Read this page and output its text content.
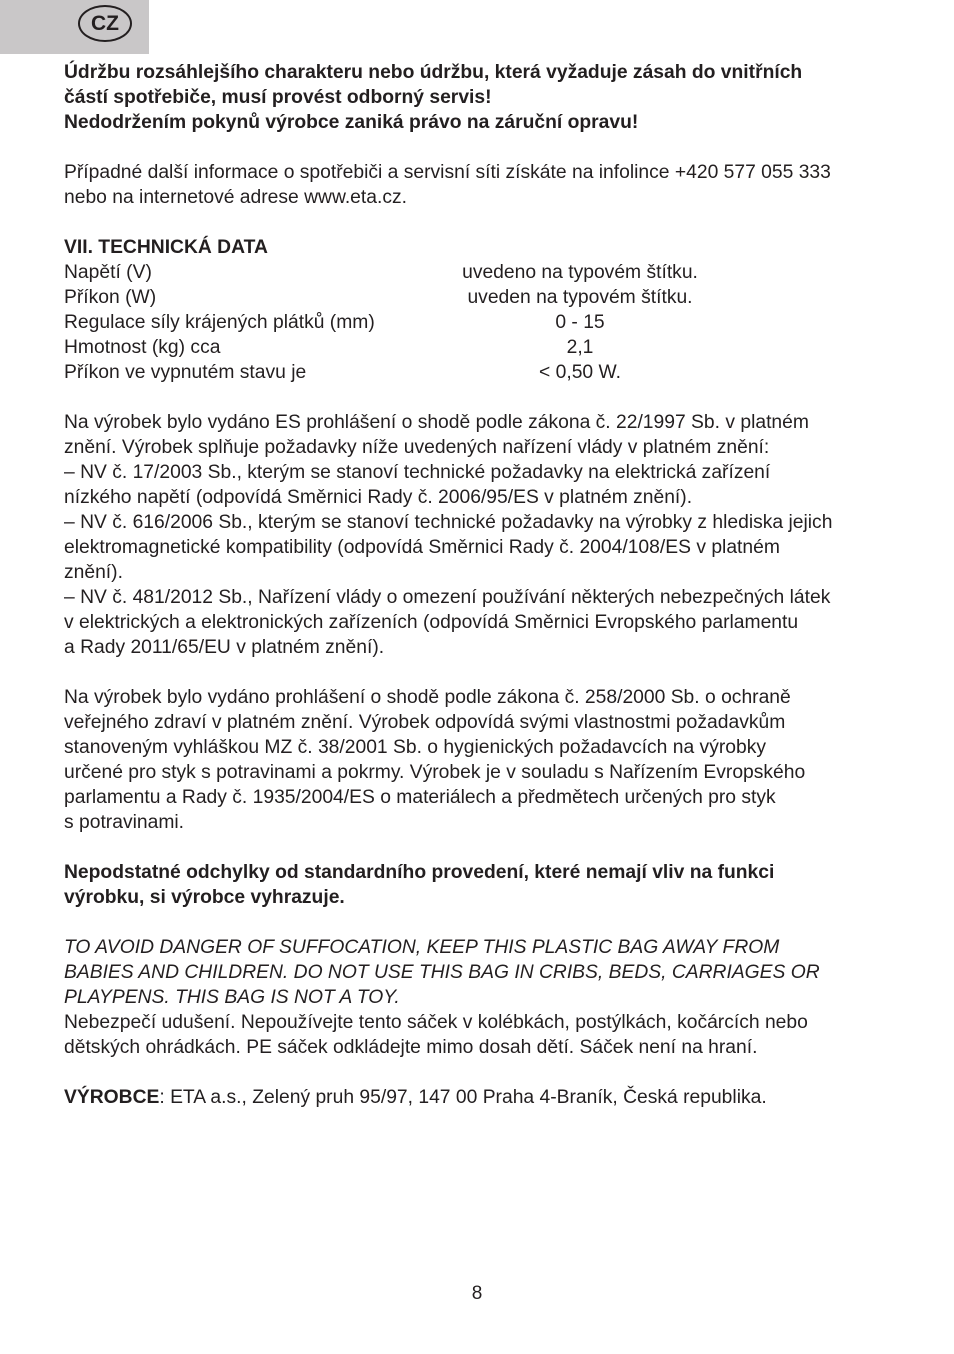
CZ

Údržbu rozsáhlejšího charakteru nebo údržbu, která vyžaduje zásah do vnitřních

částí spotřebiče, musí provést odborný servis!

Nedodržením pokynů výrobce zaniká právo na záruční opravu!

Případné další informace o spotřebiči a servisní síti získáte na infolince +420 577 055 333

nebo na internetové adrese www.eta.cz.

VII. TECHNICKÁ DATA

Napětí (V)	uvedeno na typovém štítku.
Příkon (W)	uveden na typovém štítku.
Regulace síly krájených plátků (mm)	0 - 15
Hmotnost (kg) cca	2,1
Příkon ve vypnutém stavu je	< 0,50 W.

Na výrobek bylo vydáno ES prohlášení o shodě podle zákona č. 22/1997 Sb. v platném

znění. Výrobek splňuje požadavky níže uvedených nařízení vlády v platném znění:

– NV č. 17/2003 Sb., kterým se stanoví technické požadavky na elektrická zařízení
nízkého napětí (odpovídá Směrnici Rady č. 2006/95/ES v platném znění).
– NV č. 616/2006 Sb., kterým se stanoví technické požadavky na výrobky z hlediska jejich
elektromagnetické kompatibility (odpovídá Směrnici Rady č. 2004/108/ES v platném
znění).
– NV č. 481/2012 Sb., Nařízení vlády o omezení používání některých nebezpečných látek
v elektrických a elektronických zařízeních (odpovídá Směrnici Evropského parlamentu
a Rady 2011/65/EU v platném znění).

Na výrobek bylo vydáno prohlášení o shodě podle zákona č. 258/2000 Sb. o ochraně

veřejného zdraví v platném znění. Výrobek odpovídá svými vlastnostmi požadavkům

stanoveným vyhláškou MZ č. 38/2001 Sb. o hygienických požadavcích na výrobky

určené pro styk s potravinami a pokrmy. Výrobek je v souladu s Nařízením Evropského

parlamentu a Rady č. 1935/2004/ES o materiálech a předmětech určených pro styk

s potravinami.

Nepodstatné odchylky od standardního provedení, které nemají vliv na funkci

výrobku, si výrobce vyhrazuje.

TO AVOID DANGER OF SUFFOCATION, KEEP THIS PLASTIC BAG AWAY FROM

BABIES AND CHILDREN. DO NOT USE THIS BAG IN CRIBS, BEDS, CARRIAGES OR

PLAYPENS. THIS BAG IS NOT A TOY.

Nebezpečí udušení. Nepoužívejte tento sáček v kolébkách, postýlkách, kočárcích nebo

dětských ohrádkách. PE sáček odkládejte mimo dosah dětí. Sáček není na hraní.

VÝROBCE: ETA a.s., Zelený pruh 95/97, 147 00 Praha 4-Braník, Česká republika.

8
